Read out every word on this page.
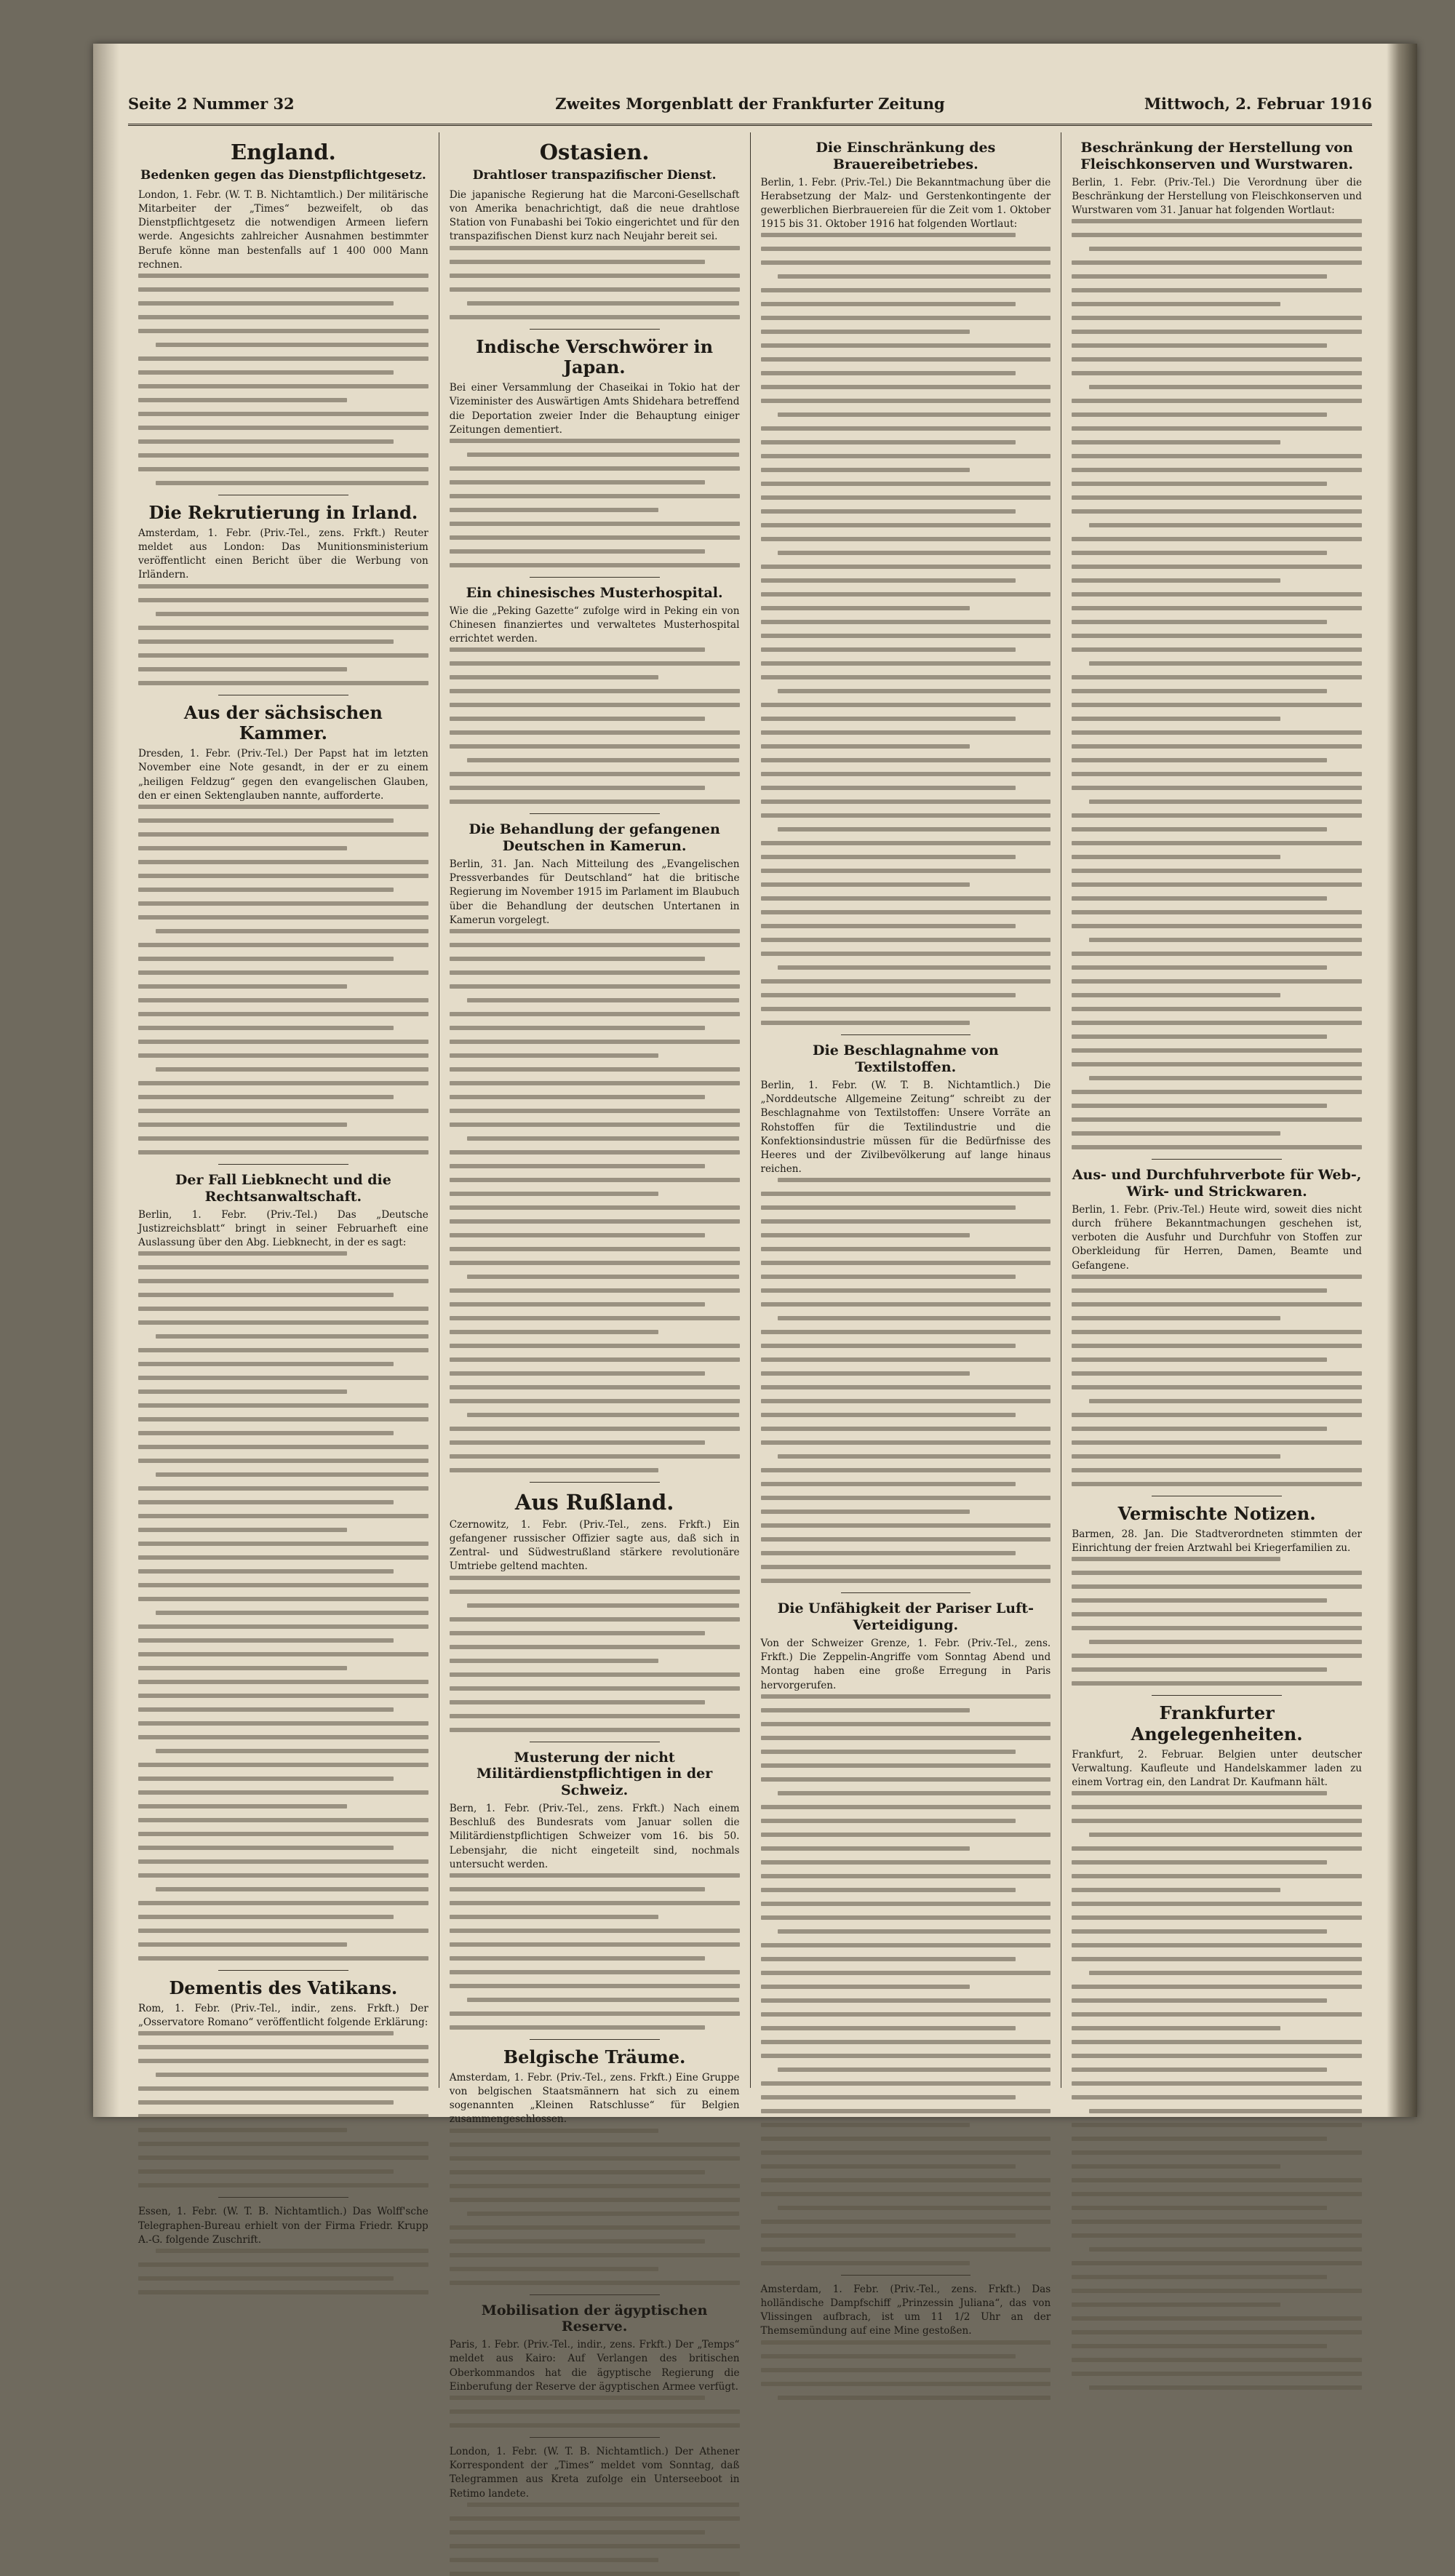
Seite 2 Nummer 32	Zweites Morgenblatt der Frankfurter Zeitung	Mittwoch, 2. Februar 1916
England.
Bedenken gegen das Dienstpflichtgesetz.

London, 1. Febr. (W. T. B. Nichtamtlich.) Der militärische Mitarbeiter der „Times“ bezweifelt, ob das Dienstpflichtgesetz die notwendigen Armeen liefern werde. Angesichts zahlreicher Ausnahmen bestimmter Berufe könne man bestenfalls auf 1 400 000 Mann rechnen.

Die Rekrutierung in Irland.

Amsterdam, 1. Febr. (Priv.-Tel., zens. Frkft.) Reuter meldet aus London: Das Munitionsministerium veröffentlicht einen Bericht über die Werbung von Irländern.

Aus der sächsischen Kammer.

Dresden, 1. Febr. (Priv.-Tel.) Der Papst hat im letzten November eine Note gesandt, in der er zu einem „heiligen Feldzug“ gegen den evangelischen Glauben, den er einen Sektenglauben nannte, aufforderte.

Der Fall Liebknecht und die Rechtsanwaltschaft.

Berlin, 1. Febr. (Priv.-Tel.) Das „Deutsche Justizreichsblatt“ bringt in seiner Februarheft eine Auslassung über den Abg. Liebknecht, in der es sagt:

Dementis des Vatikans.

Rom, 1. Febr. (Priv.-Tel., indir., zens. Frkft.) Der „Osservatore Romano“ veröffentlicht folgende Erklärung:

Essen, 1. Febr. (W. T. B. Nichtamtlich.) Das Wolff'sche Telegraphen-Bureau erhielt von der Firma Friedr. Krupp A.-G. folgende Zuschrift.

Ostasien.
Drahtloser transpazifischer Dienst.

Die japanische Regierung hat die Marconi-Gesellschaft von Amerika benachrichtigt, daß die neue drahtlose Station von Funabashi bei Tokio eingerichtet und für den transpazifischen Dienst kurz nach Neujahr bereit sei.

Indische Verschwörer in Japan.

Bei einer Versammlung der Chaseikai in Tokio hat der Vizeminister des Auswärtigen Amts Shidehara betreffend die Deportation zweier Inder die Behauptung einiger Zeitungen dementiert.

Ein chinesisches Musterhospital.

Wie die „Peking Gazette“ zufolge wird in Peking ein von Chinesen finanziertes und verwaltetes Musterhospital errichtet werden.

Die Behandlung der gefangenen Deutschen in Kamerun.

Berlin, 31. Jan. Nach Mitteilung des „Evangelischen Pressverbandes für Deutschland“ hat die britische Regierung im November 1915 im Parlament im Blaubuch über die Behandlung der deutschen Untertanen in Kamerun vorgelegt.

Aus Rußland.

Czernowitz, 1. Febr. (Priv.-Tel., zens. Frkft.) Ein gefangener russischer Offizier sagte aus, daß sich in Zentral- und Südwestrußland stärkere revolutionäre Umtriebe geltend machten.

Musterung der nicht Militärdienstpflichtigen in der Schweiz.

Bern, 1. Febr. (Priv.-Tel., zens. Frkft.) Nach einem Beschluß des Bundesrats vom Januar sollen die Militärdienstpflichtigen Schweizer vom 16. bis 50. Lebensjahr, die nicht eingeteilt sind, nochmals untersucht werden.

Belgische Träume.

Amsterdam, 1. Febr. (Priv.-Tel., zens. Frkft.) Eine Gruppe von belgischen Staatsmännern hat sich zu einem sogenannten „Kleinen Ratschlusse“ für Belgien zusammengeschlossen.

Mobilisation der ägyptischen Reserve.

Paris, 1. Febr. (Priv.-Tel., indir., zens. Frkft.) Der „Temps“ meldet aus Kairo: Auf Verlangen des britischen Oberkommandos hat die ägyptische Regierung die Einberufung der Reserve der ägyptischen Armee verfügt.

London, 1. Febr. (W. T. B. Nichtamtlich.) Der Athener Korrespondent der „Times“ meldet vom Sonntag, daß Telegrammen aus Kreta zufolge ein Unterseeboot in Retimo landete.

Die Einschränkung des Brauereibetriebes.

Berlin, 1. Febr. (Priv.-Tel.) Die Bekanntmachung über die Herabsetzung der Malz- und Gerstenkontingente der gewerblichen Bierbrauereien für die Zeit vom 1. Oktober 1915 bis 31. Oktober 1916 hat folgenden Wortlaut:

Die Beschlagnahme von Textilstoffen.

Berlin, 1. Febr. (W. T. B. Nichtamtlich.) Die „Norddeutsche Allgemeine Zeitung“ schreibt zu der Beschlagnahme von Textilstoffen: Unsere Vorräte an Rohstoffen für die Textilindustrie und die Konfektionsindustrie müssen für die Bedürfnisse des Heeres und der Zivilbevölkerung auf lange hinaus reichen.

Die Unfähigkeit der Pariser Luft-Verteidigung.

Von der Schweizer Grenze, 1. Febr. (Priv.-Tel., zens. Frkft.) Die Zeppelin-Angriffe vom Sonntag Abend und Montag haben eine große Erregung in Paris hervorgerufen.

Amsterdam, 1. Febr. (Priv.-Tel., zens. Frkft.) Das holländische Dampfschiff „Prinzessin Juliana“, das von Vlissingen aufbrach, ist um 11 1/2 Uhr an der Themsemündung auf eine Mine gestoßen.

Beschränkung der Herstellung von Fleischkonserven und Wurstwaren.

Berlin, 1. Febr. (Priv.-Tel.) Die Verordnung über die Beschränkung der Herstellung von Fleischkonserven und Wurstwaren vom 31. Januar hat folgenden Wortlaut:

Aus- und Durchfuhrverbote für Web-, Wirk- und Strickwaren.

Berlin, 1. Febr. (Priv.-Tel.) Heute wird, soweit dies nicht durch frühere Bekanntmachungen geschehen ist, verboten die Ausfuhr und Durchfuhr von Stoffen zur Oberkleidung für Herren, Damen, Beamte und Gefangene.

Vermischte Notizen.

Barmen, 28. Jan. Die Stadtverordneten stimmten der Einrichtung der freien Arztwahl bei Kriegerfamilien zu.

Frankfurter Angelegenheiten.

Frankfurt, 2. Februar. Belgien unter deutscher Verwaltung. Kaufleute und Handelskammer laden zu einem Vortrag ein, den Landrat Dr. Kaufmann hält.
